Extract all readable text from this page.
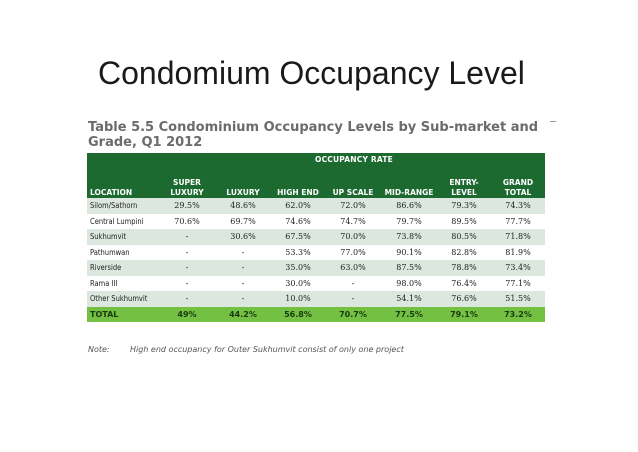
Condomium Occupancy Level
Table 5.5 Condominium Occupancy Levels by Sub-market and Grade, Q1 2012
			OCCUPANCY RATE				
LOCATION	SUPER LUXURY	LUXURY	HIGH END	UP SCALE	MID-RANGE	ENTRY-LEVEL	GRAND TOTAL
Silom/Sathorn	29.5%	48.6%	62.0%	72.0%	86.6%	79.3%	74.3%
Central Lumpini	70.6%	69.7%	74.6%	74.7%	79.7%	89.5%	77.7%
Sukhumvit	-	30.6%	67.5%	70.0%	73.8%	80.5%	71.8%
Pathumwan	-	-	53.3%	77.0%	90.1%	82.8%	81.9%
Riverside	-	-	35.0%	63.0%	87.5%	78.8%	73.4%
Rama III	-	-	30.0%	-	98.0%	76.4%	77.1%
Other Sukhumvit	-	-	10.0%	-	54.1%	76.6%	51.5%
TOTAL	49%	44.2%	56.8%	70.7%	77.5%	79.1%	73.2%
Note:	High end occupancy for Outer Sukhumvit consist of only one project
